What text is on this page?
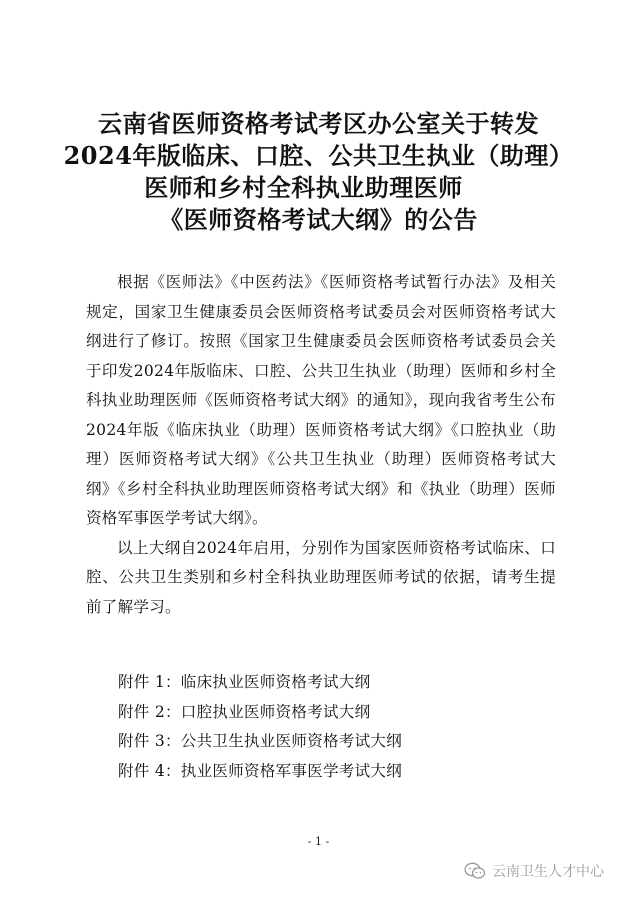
云南省医师资格考试考区办公室关于转发
2024年版临床、口腔、公共卫生执业（助理）
医师和乡村全科执业助理医师
《医师资格考试大纲》的公告

根据《医师法》《中医药法》《医师资格考试暂行办法》及相关规定，国家卫生健康委员会医师资格考试委员会对医师资格考试大纲进行了修订。按照《国家卫生健康委员会医师资格考试委员会关于印发2024年版临床、口腔、公共卫生执业（助理）医师和乡村全科执业助理医师《医师资格考试大纲》的通知》，现向我省考生公布2024年版《临床执业（助理）医师资格考试大纲》《口腔执业（助理）医师资格考试大纲》《公共卫生执业（助理）医师资格考试大纲》《乡村全科执业助理医师资格考试大纲》和《执业（助理）医师资格军事医学考试大纲》。

以上大纲自2024年启用，分别作为国家医师资格考试临床、口腔、公共卫生类别和乡村全科执业助理医师考试的依据，请考生提前了解学习。

附件 1：临床执业医师资格考试大纲
附件 2：口腔执业医师资格考试大纲
附件 3：公共卫生执业医师资格考试大纲
附件 4：执业医师资格军事医学考试大纲
- 1 -
云南卫生人才中心
